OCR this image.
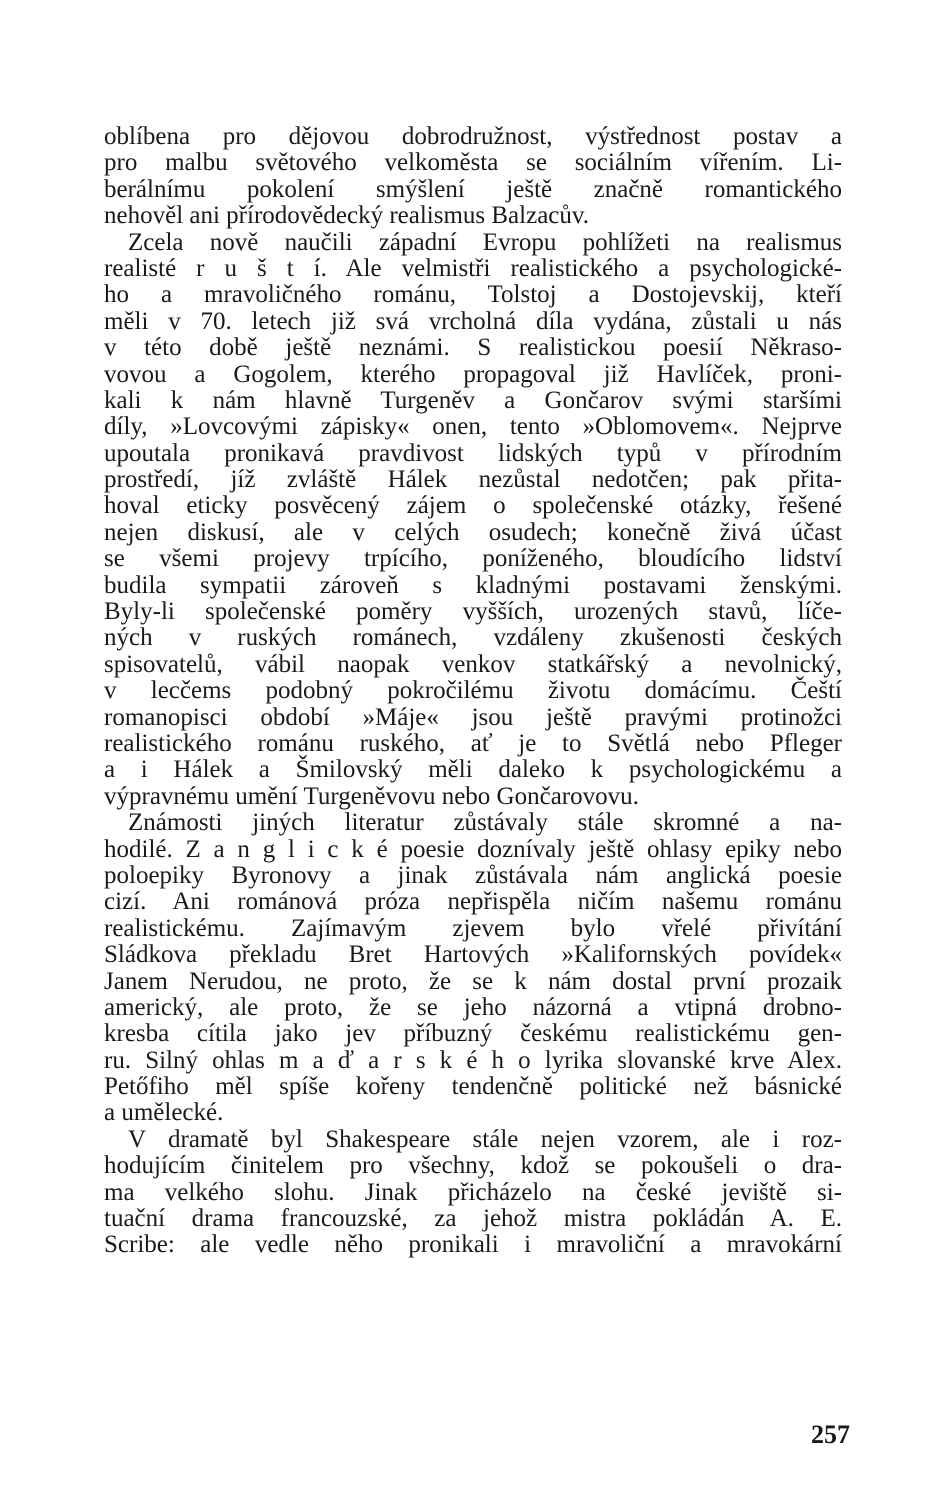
oblíbena pro dějovou dobrodružnost, výstřednost postav a
pro malbu světového velkoměsta se sociálním vířením. Li-
berálnímu pokolení smýšlení ještě značně romantického
nehověl ani přírodovědecký realismus Balzacův.
Zcela nově naučili západní Evropu pohlížeti na realismus
realisté r u š t í. Ale velmistři realistického a psychologické-
ho a mravoličného románu, Tolstoj a Dostojevskij, kteří
měli v 70. letech již svá vrcholná díla vydána, zůstali u nás
v této době ještě neznámi. S realistickou poesií Někraso-
vovou a Gogolem, kterého propagoval již Havlíček, proni-
kali k nám hlavně Turgeněv a Gončarov svými staršími
díly, »Lovcovými zápisky« onen, tento »Oblomovem«. Nejprve
upoutala pronikavá pravdivost lidských typů v přírodním
prostředí, jíž zvláště Hálek nezůstal nedotčen; pak přita-
hoval eticky posvěcený zájem o společenské otázky, řešené
nejen diskusí, ale v celých osudech; konečně živá účast
se všemi projevy trpícího, poníženého, bloudícího lidství
budila sympatii zároveň s kladnými postavami ženskými.
Byly-li společenské poměry vyšších, urozených stavů, líče-
ných v ruských románech, vzdáleny zkušenosti českých
spisovatelů, vábil naopak venkov statkářský a nevolnický,
v lecčems podobný pokročilému životu domácímu. Čeští
romanopisci období »Máje« jsou ještě pravými protinožci
realistického románu ruského, ať je to Světlá nebo Pfleger
a i Hálek a Šmilovský měli daleko k psychologickému a
výpravnému umění Turgeněvovu nebo Gončarovovu.
Známosti jiných literatur zůstávaly stále skromné a na-
hodilé. Z a n g l i c k é poesie doznívaly ještě ohlasy epiky nebo
poloepiky Byronovy a jinak zůstávala nám anglická poesie
cizí. Ani románová próza nepřispěla ničím našemu románu
realistickému. Zajímavým zjevem bylo vřelé přivítání
Sládkova překladu Bret Hartových »Kalifornských povídek«
Janem Nerudou, ne proto, že se k nám dostal první prozaik
americký, ale proto, že se jeho názorná a vtipná drobno-
kresba cítila jako jev příbuzný českému realistickému gen-
ru. Silný ohlas m a ď a r s k é h o lyrika slovanské krve Alex.
Petőfiho měl spíše kořeny tendenčně politické než básnické
a umělecké.
V dramatě byl Shakespeare stále nejen vzorem, ale i roz-
hodujícím činitelem pro všechny, kdož se pokoušeli o dra-
ma velkého slohu. Jinak přicházelo na české jeviště si-
tuační drama francouzské, za jehož mistra pokládán A. E.
Scribe: ale vedle něho pronikali i mravoliční a mravokární
257
